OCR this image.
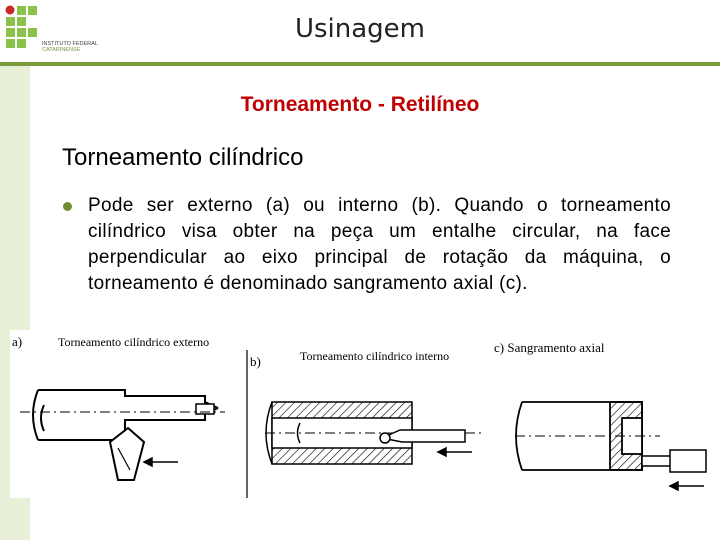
INSTITUTO FEDERAL
CATARINENSE
Usinagem
Torneamento - Retilíneo
Torneamento cilíndrico
Pode ser externo (a) ou interno (b). Quando o torneamento cilíndrico visa obter na peça um entalhe circular, na face perpendicular ao eixo principal de rotação da máquina, o torneamento é denominado sangramento axial (c).
a)	Torneamento cilíndrico externo
b)	Torneamento cilíndrico interno
c) Sangramento axial
